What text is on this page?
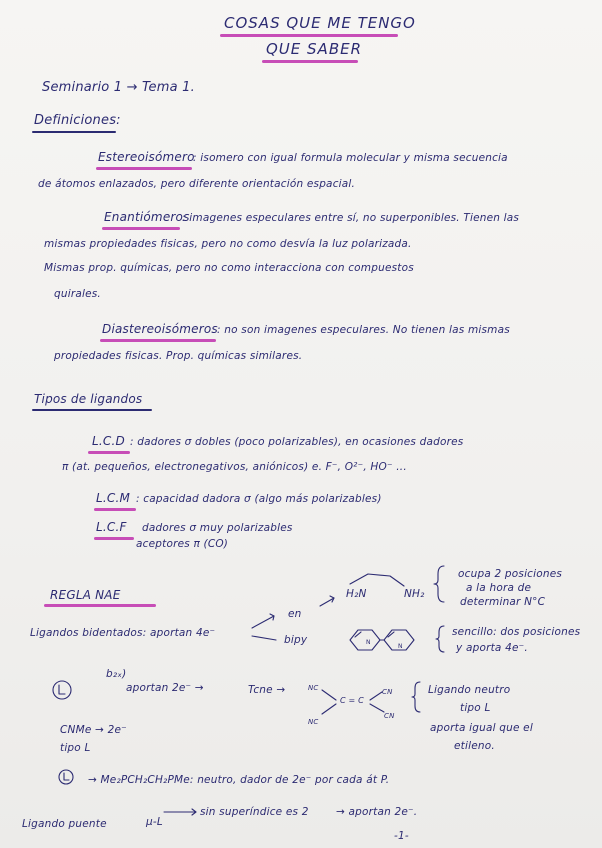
COSAS QUE ME TENGO
QUE SABER
Seminario 1 → Tema 1.
Definiciones:
Estereoisómero
: isomero con igual formula molecular y misma secuencia
de átomos enlazados, pero diferente orientación espacial.
Enantiómeros
: imagenes especulares entre sí, no superponibles. Tienen las
mismas propiedades fisicas, pero no como desvía la luz polarizada.
Mismas prop. químicas, pero no como interacciona con compuestos
quirales.
Diastereoisómeros : no son imagenes especulares. No tienen las mismas
propiedades fisicas. Prop. químicas similares.
Tipos de ligandos
L.C.D : dadores σ dobles (poco polarizables), en ocasiones dadores
π (at. pequeños, electronegativos, aniónicos) e. F⁻, O²⁻, HO⁻ ...
L.C.M : capacidad dadora σ (algo más polarizables)
L.C.F dadores σ muy polarizables
aceptores π (CO)
REGLA NAE
Ligandos bidentados: aportan 4e⁻
en
bipy
H₂N	NH₂
ocupa 2 posiciones
a la hora de
determinar N°C
sencillo: dos posiciones
y aporta 4e⁻.
b₂ₓ)
aportan 2e⁻ →	Tcne →	NC	CN
C = C
NC
CN
Ligando neutro
tipo L
aporta igual que el
etileno.
CNMe → 2e⁻
tipo L
→ Me₂PCH₂CH₂PMe: neutro, dador de 2e⁻ por cada át P.
Ligando puente	μ-L
sin superíndice es 2	→ aportan 2e⁻.
-1-
N
N
